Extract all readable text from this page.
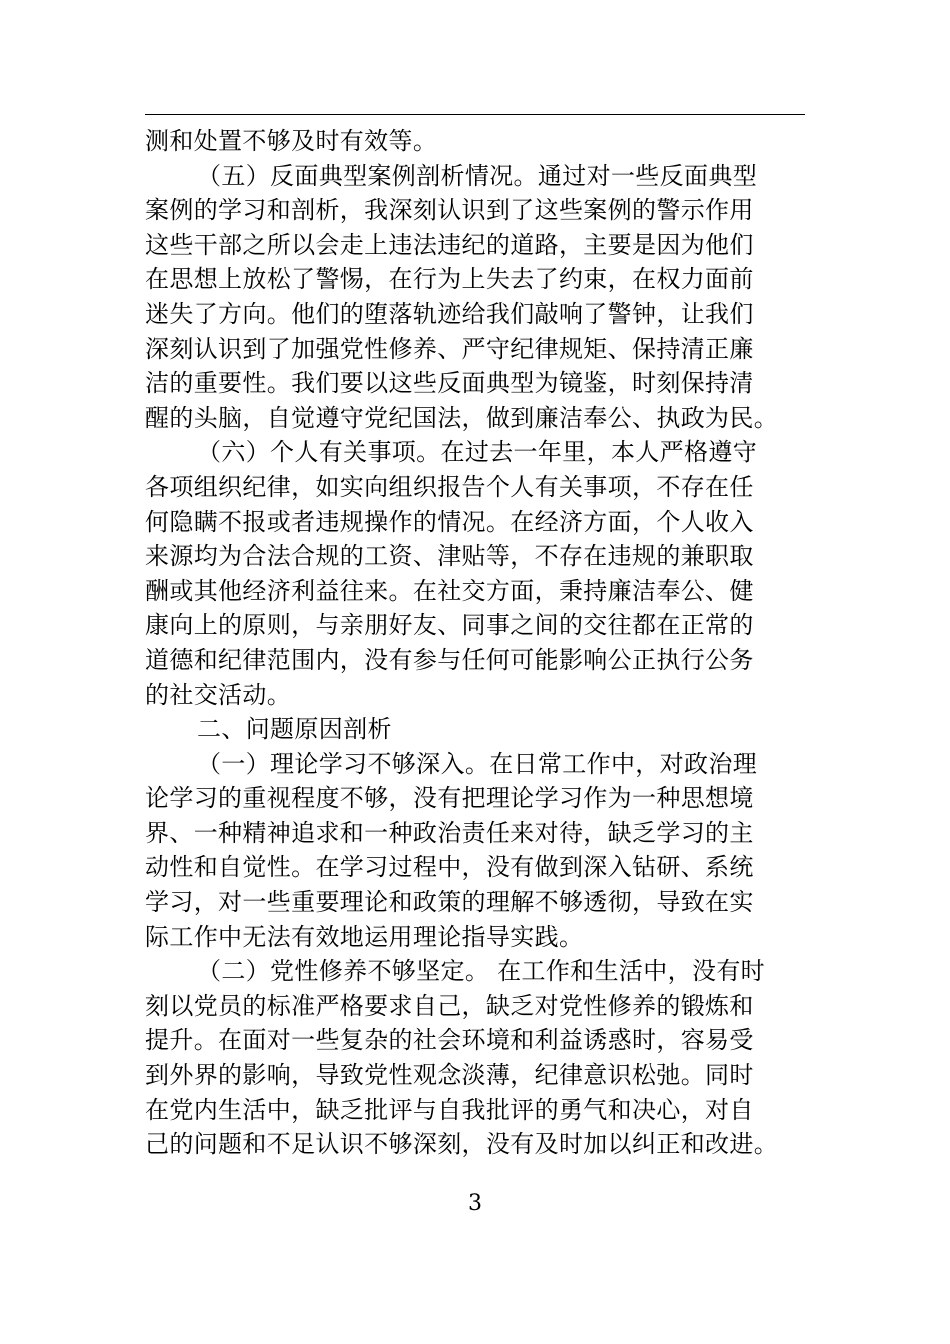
测和处置不够及时有效等。
（五）反面典型案例剖析情况。通过对一些反面典型
案例的学习和剖析，我深刻认识到了这些案例的警示作用
这些干部之所以会走上违法违纪的道路，主要是因为他们
在思想上放松了警惕，在行为上失去了约束，在权力面前
迷失了方向。他们的堕落轨迹给我们敲响了警钟，让我们
深刻认识到了加强党性修养、严守纪律规矩、保持清正廉
洁的重要性。我们要以这些反面典型为镜鉴，时刻保持清
醒的头脑，自觉遵守党纪国法，做到廉洁奉公、执政为民。
（六）个人有关事项。在过去一年里，本人严格遵守
各项组织纪律，如实向组织报告个人有关事项，不存在任
何隐瞒不报或者违规操作的情况。在经济方面，个人收入
来源均为合法合规的工资、津贴等，不存在违规的兼职取
酬或其他经济利益往来。在社交方面，秉持廉洁奉公、健
康向上的原则，与亲朋好友、同事之间的交往都在正常的
道德和纪律范围内，没有参与任何可能影响公正执行公务
的社交活动。
二、问题原因剖析
（一）理论学习不够深入。在日常工作中，对政治理
论学习的重视程度不够，没有把理论学习作为一种思想境
界、一种精神追求和一种政治责任来对待，缺乏学习的主
动性和自觉性。在学习过程中，没有做到深入钻研、系统
学习，对一些重要理论和政策的理解不够透彻，导致在实
际工作中无法有效地运用理论指导实践。
（二）党性修养不够坚定。 在工作和生活中，没有时
刻以党员的标准严格要求自己，缺乏对党性修养的锻炼和
提升。在面对一些复杂的社会环境和利益诱惑时，容易受
到外界的影响，导致党性观念淡薄，纪律意识松弛。同时
在党内生活中，缺乏批评与自我批评的勇气和决心，对自
己的问题和不足认识不够深刻，没有及时加以纠正和改进。
3
